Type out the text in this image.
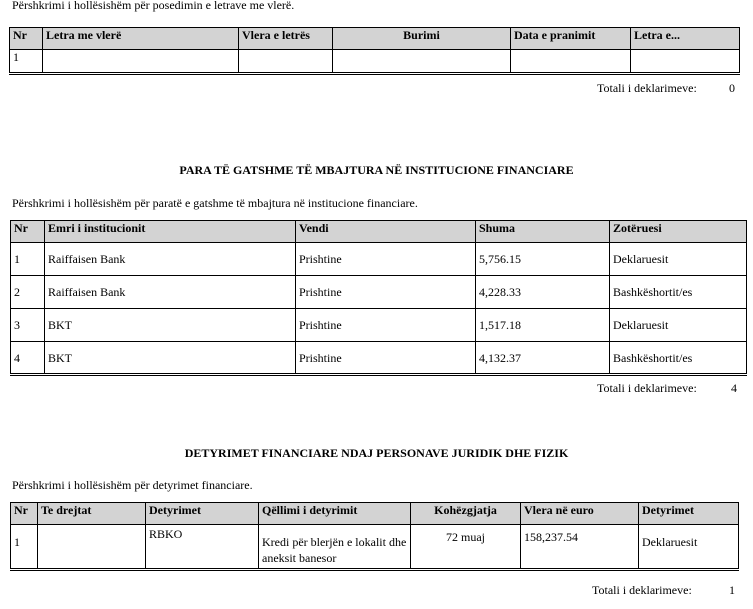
Përshkrimi i hollësishëm për posedimin e letrave me vlerë.
Nr	Letra me vlerë	Vlera e letrës	Burimi	Data e pranimit	Letra e...
1					
Totali i deklarimeve:	0
PARA TË GATSHME TË MBAJTURA NË INSTITUCIONE FINANCIARE
Përshkrimi i hollësishëm për paratë e gatshme të mbajtura në institucione financiare.
Nr	Emri i institucionit	Vendi	Shuma	Zotëruesi
1	Raiffaisen Bank	Prishtine	5,756.15	Deklaruesit
2	Raiffaisen Bank	Prishtine	4,228.33	Bashkëshortit/es
3	BKT	Prishtine	1,517.18	Deklaruesit
4	BKT	Prishtine	4,132.37	Bashkëshortit/es
Totali i deklarimeve:	4
DETYRIMET FINANCIARE NDAJ PERSONAVE JURIDIK DHE FIZIK
Përshkrimi i hollësishëm për detyrimet financiare.
Nr	Te drejtat	Detyrimet	Qëllimi i detyrimit	Kohëzgjatja	Vlera në euro	Detyrimet
1		RBKO	Kredi për blerjën e lokalit dhe aneksit banesor	72 muaj	158,237.54	Deklaruesit
Totali i deklarimeve:	1
